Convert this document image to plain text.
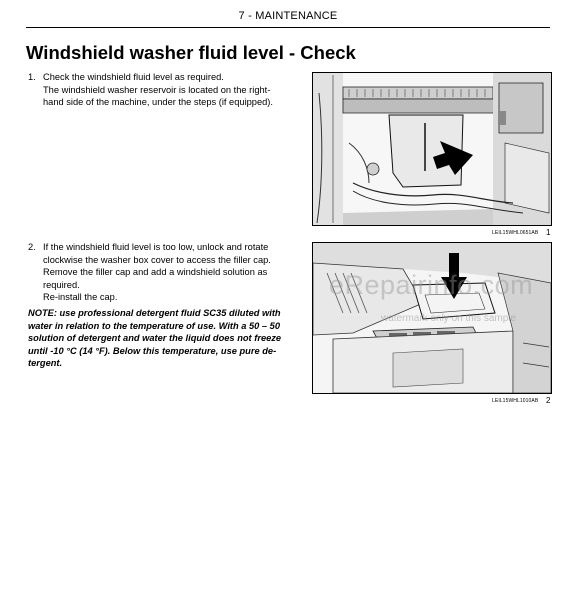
7 - MAINTENANCE
Windshield washer fluid level - Check
1. Check the windshield fluid level as required.
The windshield washer reservoir is located on the right-
hand side of the machine, under the steps (if equipped).
2. If the windshield fluid level is too low, unlock and rotate
clockwise the washer box cover to access the filler cap.
Remove the filler cap and add a windshield solution as
required.
Re-install the cap.
NOTE: use professional detergent fluid SC35 diluted with
water in relation to the temperature of use. With a 50 – 50
solution of detergent and water the liquid does not freeze
until -10 °C (14 °F). Below this temperature, use pure de-
tergent.
LEIL15WHL0651AB 1
LEIL15WHL1010AB 2
eRepairinfo.com
watermark only on this sample
